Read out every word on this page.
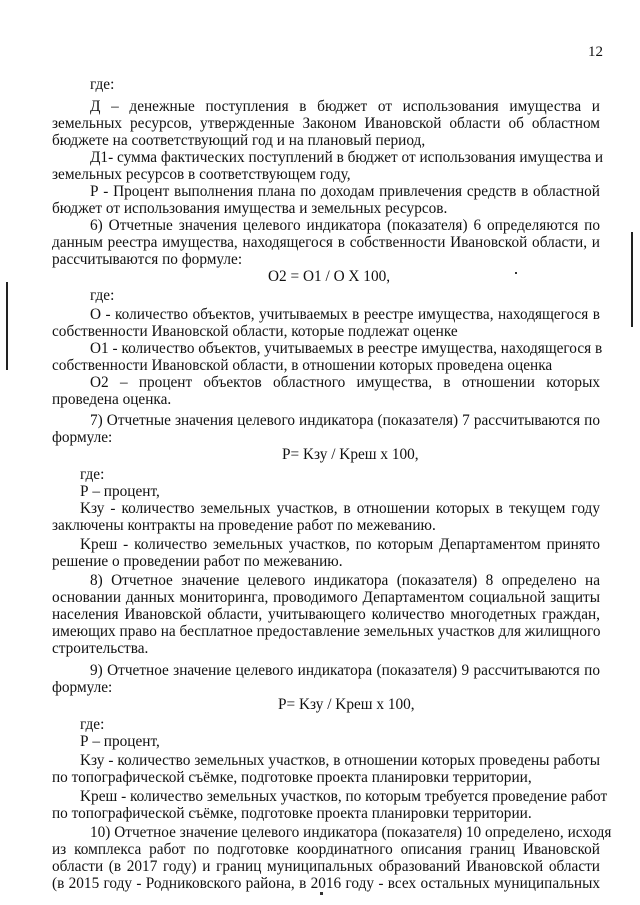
12
где:
Д – денежные поступления в бюджет от использования имущества и
земельных ресурсов, утвержденные Законом Ивановской области об областном
бюджете на соответствующий год и на плановый период,
Д1- сумма фактических поступлений в бюджет от использования имущества и
земельных ресурсов в соответствующем году,
Р - Процент выполнения плана по доходам привлечения средств в областной
бюджет от использования имущества и земельных ресурсов.
6) Отчетные значения целевого индикатора (показателя) 6 определяются по
данным реестра имущества, находящегося в собственности Ивановской области, и
рассчитываются по формуле:
O2 = O1 / O X 100,
где:
О - количество объектов, учитываемых в реестре имущества, находящегося в
собственности Ивановской области, которые подлежат оценке
О1 - количество объектов, учитываемых в реестре имущества, находящегося в
собственности Ивановской области, в отношении которых проведена оценка
О2 – процент объектов областного имущества, в отношении которых
проведена оценка.
7) Отчетные значения целевого индикатора (показателя) 7 рассчитываются по
формуле:
P= Kзу / Kреш x 100,
где:
Р – процент,
Kзу - количество земельных участков, в отношении которых в текущем году
заключены контракты на проведение работ по межеванию.
Kреш - количество земельных участков, по которым Департаментом принято
решение о проведении работ по межеванию.
8) Отчетное значение целевого индикатора (показателя) 8 определено на
основании данных мониторинга, проводимого Департаментом социальной защиты
населения Ивановской области, учитывающего количество многодетных граждан,
имеющих право на бесплатное предоставление земельных участков для жилищного
строительства.
9) Отчетное значение целевого индикатора (показателя) 9 рассчитываются по
формуле:
P= Kзу / Kреш x 100,
где:
Р – процент,
Kзу - количество земельных участков, в отношении которых проведены работы
по топографической съёмке, подготовке проекта планировки территории,
Kреш - количество земельных участков, по которым требуется проведение работ
по топографической съёмке, подготовке проекта планировки территории.
10) Отчетное значение целевого индикатора (показателя) 10 определено, исходя
из комплекса работ по подготовке координатного описания границ Ивановской
области (в 2017 году) и границ муниципальных образований Ивановской области
(в 2015 году - Родниковского района, в 2016 году - всех остальных муниципальных
